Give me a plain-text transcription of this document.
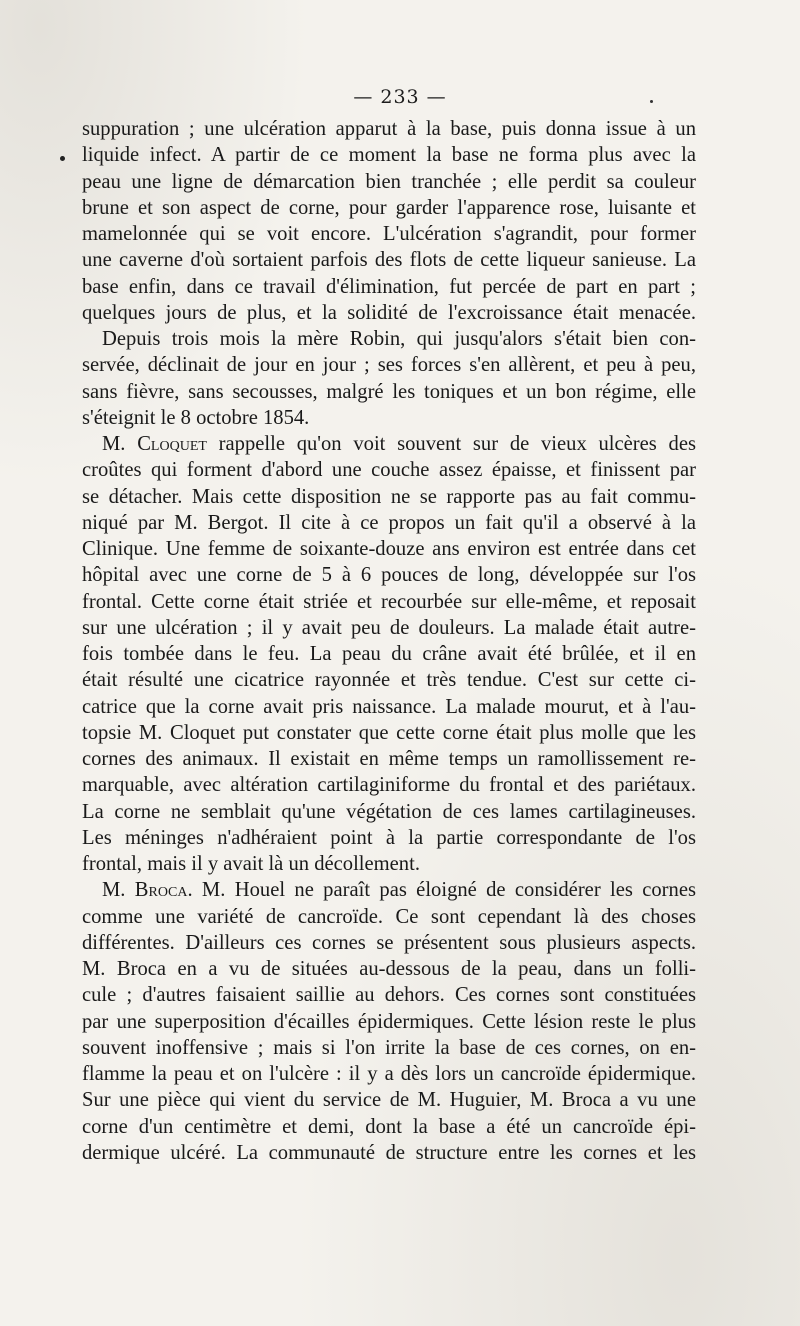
— 233 —

suppuration ; une ulcération apparut à la base, puis donna issue à un
liquide infect. A partir de ce moment la base ne forma plus avec la
peau une ligne de démarcation bien tranchée ; elle perdit sa couleur
brune et son aspect de corne, pour garder l'apparence rose, luisante et
mamelonnée qui se voit encore. L'ulcération s'agrandit, pour former
une caverne d'où sortaient parfois des flots de cette liqueur sanieuse. La
base enfin, dans ce travail d'élimination, fut percée de part en part ;
quelques jours de plus, et la solidité de l'excroissance était menacée.

Depuis trois mois la mère Robin, qui jusqu'alors s'était bien con-
servée, déclinait de jour en jour ; ses forces s'en allèrent, et peu à peu,
sans fièvre, sans secousses, malgré les toniques et un bon régime, elle
s'éteignit le 8 octobre 1854.

M. Cloquet rappelle qu'on voit souvent sur de vieux ulcères des
croûtes qui forment d'abord une couche assez épaisse, et finissent par
se détacher. Mais cette disposition ne se rapporte pas au fait commu-
niqué par M. Bergot. Il cite à ce propos un fait qu'il a observé à la
Clinique. Une femme de soixante-douze ans environ est entrée dans cet
hôpital avec une corne de 5 à 6 pouces de long, développée sur l'os
frontal. Cette corne était striée et recourbée sur elle-même, et reposait
sur une ulcération ; il y avait peu de douleurs. La malade était autre-
fois tombée dans le feu. La peau du crâne avait été brûlée, et il en
était résulté une cicatrice rayonnée et très tendue. C'est sur cette ci-
catrice que la corne avait pris naissance. La malade mourut, et à l'au-
topsie M. Cloquet put constater que cette corne était plus molle que les
cornes des animaux. Il existait en même temps un ramollissement re-
marquable, avec altération cartilaginiforme du frontal et des pariétaux.
La corne ne semblait qu'une végétation de ces lames cartilagineuses.
Les méninges n'adhéraient point à la partie correspondante de l'os
frontal, mais il y avait là un décollement.

M. Broca. M. Houel ne paraît pas éloigné de considérer les cornes
comme une variété de cancroïde. Ce sont cependant là des choses
différentes. D'ailleurs ces cornes se présentent sous plusieurs aspects.
M. Broca en a vu de situées au-dessous de la peau, dans un folli-
cule ; d'autres faisaient saillie au dehors. Ces cornes sont constituées
par une superposition d'écailles épidermiques. Cette lésion reste le plus
souvent inoffensive ; mais si l'on irrite la base de ces cornes, on en-
flamme la peau et on l'ulcère : il y a dès lors un cancroïde épidermique.
Sur une pièce qui vient du service de M. Huguier, M. Broca a vu une
corne d'un centimètre et demi, dont la base a été un cancroïde épi-
dermique ulcéré. La communauté de structure entre les cornes et les
